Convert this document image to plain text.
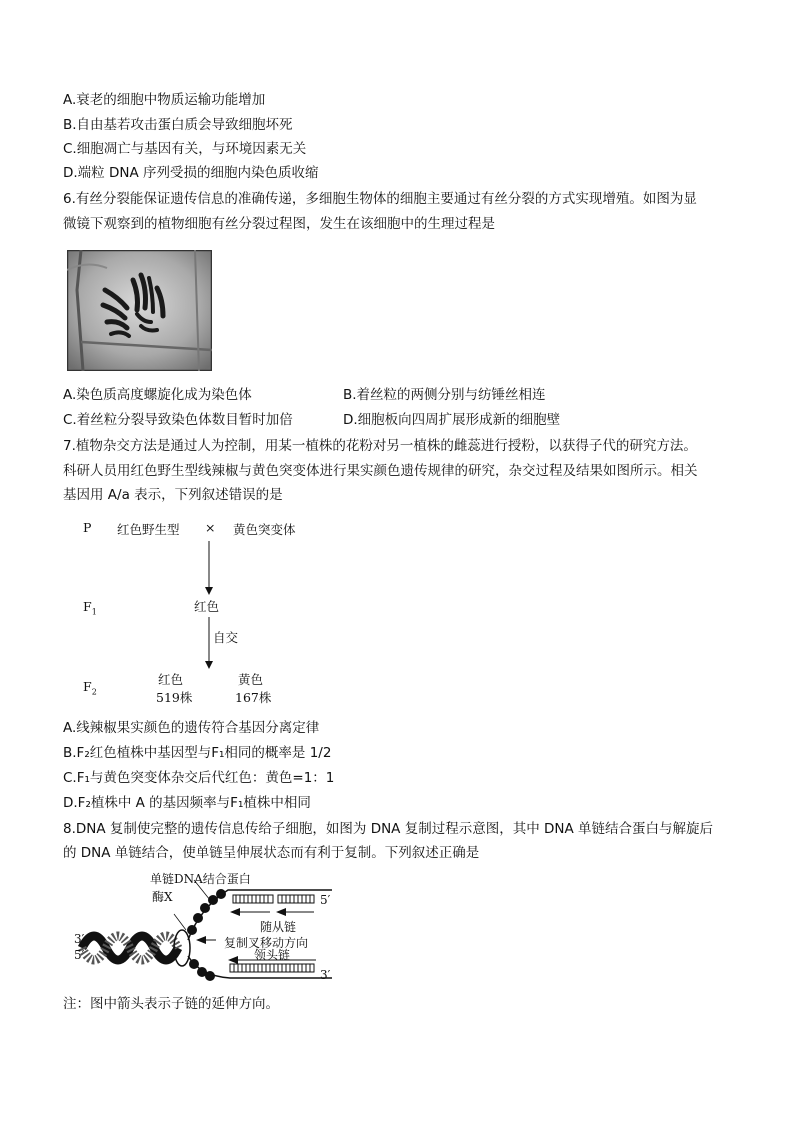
A.衰老的细胞中物质运输功能增加
B.自由基若攻击蛋白质会导致细胞坏死
C.细胞凋亡与基因有关，与环境因素无关
D.端粒 DNA 序列受损的细胞内染色质收缩
6.有丝分裂能保证遗传信息的准确传递，多细胞生物体的细胞主要通过有丝分裂的方式实现增殖。如图为显
微镜下观察到的植物细胞有丝分裂过程图，发生在该细胞中的生理过程是
A.染色质高度螺旋化成为染色体	B.着丝粒的两侧分别与纺锤丝相连
C.着丝粒分裂导致染色体数目暂时加倍	D.细胞板向四周扩展形成新的细胞壁
7.植物杂交方法是通过人为控制，用某一植株的花粉对另一植株的雌蕊进行授粉，以获得子代的研究方法。
科研人员用红色野生型线辣椒与黄色突变体进行果实颜色遗传规律的研究，杂交过程及结果如图所示。相关
基因用 A/a 表示，下列叙述错误的是
P 红色野生型 × 黄色突变体
$F_1$	红色
自交
$F_2$
红色
519株
黄色
167株
A.线辣椒果实颜色的遗传符合基因分离定律
B.F₂红色植株中基因型与F₁相同的概率是 1/2
C.F₁与黄色突变体杂交后代红色：黄色=1：1
D.F₂植株中 A 的基因频率与F₁植株中相同
8.DNA 复制使完整的遗传信息传给子细胞，如图为 DNA 复制过程示意图，其中 DNA 单链结合蛋白与解旋后
的 DNA 单链结合，使单链呈伸展状态而有利于复制。下列叙述正确是
单链DNA结合蛋白
酶X	5′
随从链
3′	复制叉移动方向
5′	领头链
3′
注：图中箭头表示子链的延伸方向。
